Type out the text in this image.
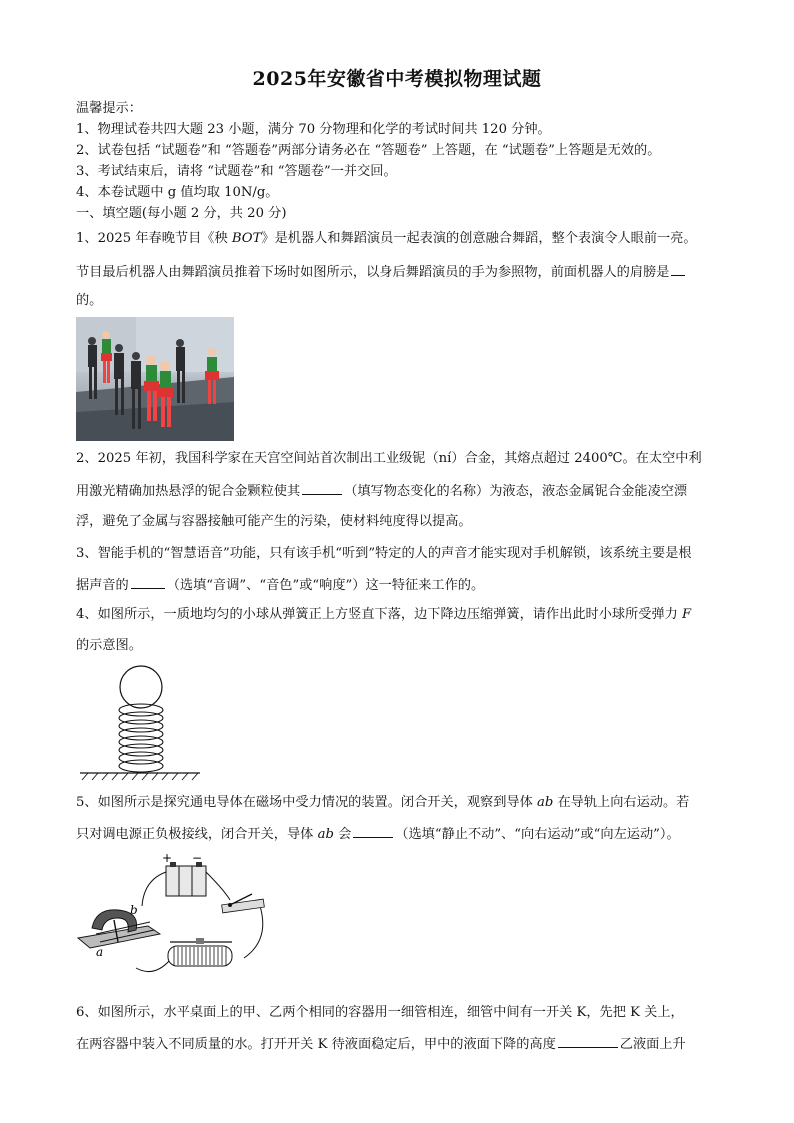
2025年安徽省中考模拟物理试题
温馨提示：
1、物理试卷共四大题 23 小题，满分 70 分物理和化学的考试时间共 120 分钟。
2、试卷包括 “试题卷”和 “答题卷”两部分请务必在 “答题卷” 上答题，在 “试题卷”上答题是无效的。
3、考试结束后，请将 “试题卷”和 “答题卷”一并交回。
4、本卷试题中 g 值均取 10N/g。
一、填空题(每小题 2 分，共 20 分)
1、2025 年春晚节目《秧 BOT》是机器人和舞蹈演员一起表演的创意融合舞蹈，整个表演令人眼前一亮。
节目最后机器人由舞蹈演员推着下场时如图所示，以身后舞蹈演员的手为参照物，前面机器人的肩膀是
的。
2、2025 年初，我国科学家在天宫空间站首次制出工业级铌（ní）合金，其熔点超过 2400℃。在太空中利
用激光精确加热悬浮的铌合金颗粒使其	（填写物态变化的名称）为液态，液态金属铌合金能凌空漂
浮，避免了金属与容器接触可能产生的污染，使材料纯度得以提高。
3、智能手机的“智慧语音”功能，只有该手机“听到”特定的人的声音才能实现对手机解锁，该系统主要是根
据声音的	（选填“音调”、“音色”或“响度”）这一特征来工作的。
4、如图所示，一质地均匀的小球从弹簧正上方竖直下落，边下降边压缩弹簧，请作出此时小球所受弹力 F
的示意图。
5、如图所示是探究通电导体在磁场中受力情况的装置。闭合开关，观察到导体 ab 在导轨上向右运动。若
只对调电源正负极接线，闭合开关，导体 ab 会	（选填“静止不动”、“向右运动”或“向左运动”）。
+ −
b
a
6、如图所示，水平桌面上的甲、乙两个相同的容器用一细管相连，细管中间有一开关 K，先把 K 关上，
在两容器中装入不同质量的水。打开开关 K 待液面稳定后，甲中的液面下降的高度	乙液面上升
